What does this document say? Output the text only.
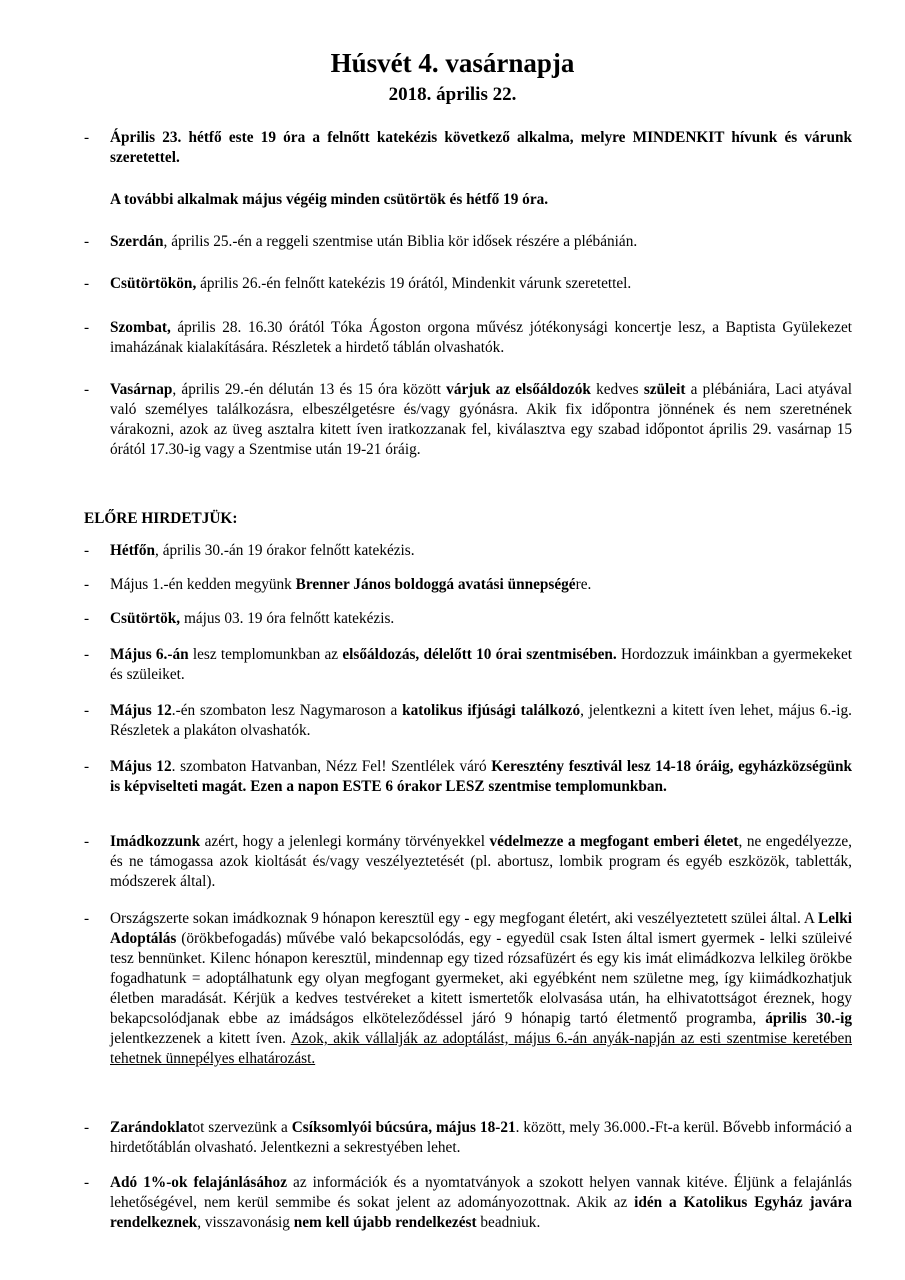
Húsvét 4. vasárnapja
2018. április 22.
- Április 23. hétfő este 19 óra a felnőtt katekézis következő alkalma, melyre MINDENKIT hívunk és várunk szeretettel.

A további alkalmak május végéig minden csütörtök és hétfő 19 óra.

- Szerdán, április 25.-én a reggeli szentmise után Biblia kör idősek részére a plébánián.

- Csütörtökön, április 26.-én felnőtt katekézis 19 órától, Mindenkit várunk szeretettel.

- Szombat, április 28. 16.30 órától Tóka Ágoston orgona művész jótékonysági koncertje lesz, a Baptista Gyülekezet imaházának kialakítására. Részletek a hirdető táblán olvashatók.

- Vasárnap, április 29.-én délután 13 és 15 óra között várjuk az elsőáldozók kedves szüleit a plébániára, Laci atyával való személyes találkozásra, elbeszélgetésre és/vagy gyónásra. Akik fix időpontra jönnének és nem szeretnének várakozni, azok az üveg asztalra kitett íven iratkozzanak fel, kiválasztva egy szabad időpontot április 29. vasárnap 15 órától 17.30-ig vagy a Szentmise után 19-21 óráig.

ELŐRE HIRDETJÜK:
- Hétfőn, április 30.-án 19 órakor felnőtt katekézis.

- Május 1.-én kedden megyünk Brenner János boldoggá avatási ünnepségére.

- Csütörtök, május 03. 19 óra felnőtt katekézis.

- Május 6.-án lesz templomunkban az elsőáldozás, délelőtt 10 órai szentmisében. Hordozzuk imáinkban a gyermekeket és szüleiket.

- Május 12.-én szombaton lesz Nagymaroson a katolikus ifjúsági találkozó, jelentkezni a kitett íven lehet, május 6.-ig. Részletek a plakáton olvashatók.

- Május 12. szombaton Hatvanban, Nézz Fel! Szentlélek váró Keresztény fesztivál lesz 14-18 óráig, egyházközségünk is képviselteti magát. Ezen a napon ESTE 6 órakor LESZ szentmise templomunkban.

- Imádkozzunk azért, hogy a jelenlegi kormány törvényekkel védelmezze a megfogant emberi életet, ne engedélyezze, és ne támogassa azok kioltását és/vagy veszélyeztetését (pl. abortusz, lombik program és egyéb eszközök, tabletták, módszerek által).

- Országszerte sokan imádkoznak 9 hónapon keresztül egy - egy megfogant életért, aki veszélyeztetett szülei által. A Lelki Adoptálás (örökbefogadás) művébe való bekapcsolódás, egy - egyedül csak Isten által ismert gyermek - lelki szüleivé tesz bennünket. Kilenc hónapon keresztül, mindennap egy tized rózsafüzért és egy kis imát elimádkozva lelkileg örökbe fogadhatunk = adoptálhatunk egy olyan megfogant gyermeket, aki egyébként nem születne meg, így kiimádkozhatjuk életben maradását. Kérjük a kedves testvéreket a kitett ismertetők elolvasása után, ha elhivatottságot éreznek, hogy bekapcsolódjanak ebbe az imádságos elköteleződéssel járó 9 hónapig tartó életmentő programba, április 30.-ig jelentkezzenek a kitett íven. Azok, akik vállalják az adoptálást, május 6.-án anyák-napján az esti szentmise keretében tehetnek ünnepélyes elhatározást.

- Zarándoklatot szervezünk a Csíksomlyói búcsúra, május 18-21. között, mely 36.000.-Ft-a kerül. Bővebb információ a hirdetőtáblán olvasható. Jelentkezni a sekrestyében lehet.

- Adó 1%-ok felajánlásához az információk és a nyomtatványok a szokott helyen vannak kitéve. Éljünk a felajánlás lehetőségével, nem kerül semmibe és sokat jelent az adományozottnak. Akik az idén a Katolikus Egyház javára rendelkeznek, visszavonásig nem kell újabb rendelkezést beadniuk.
